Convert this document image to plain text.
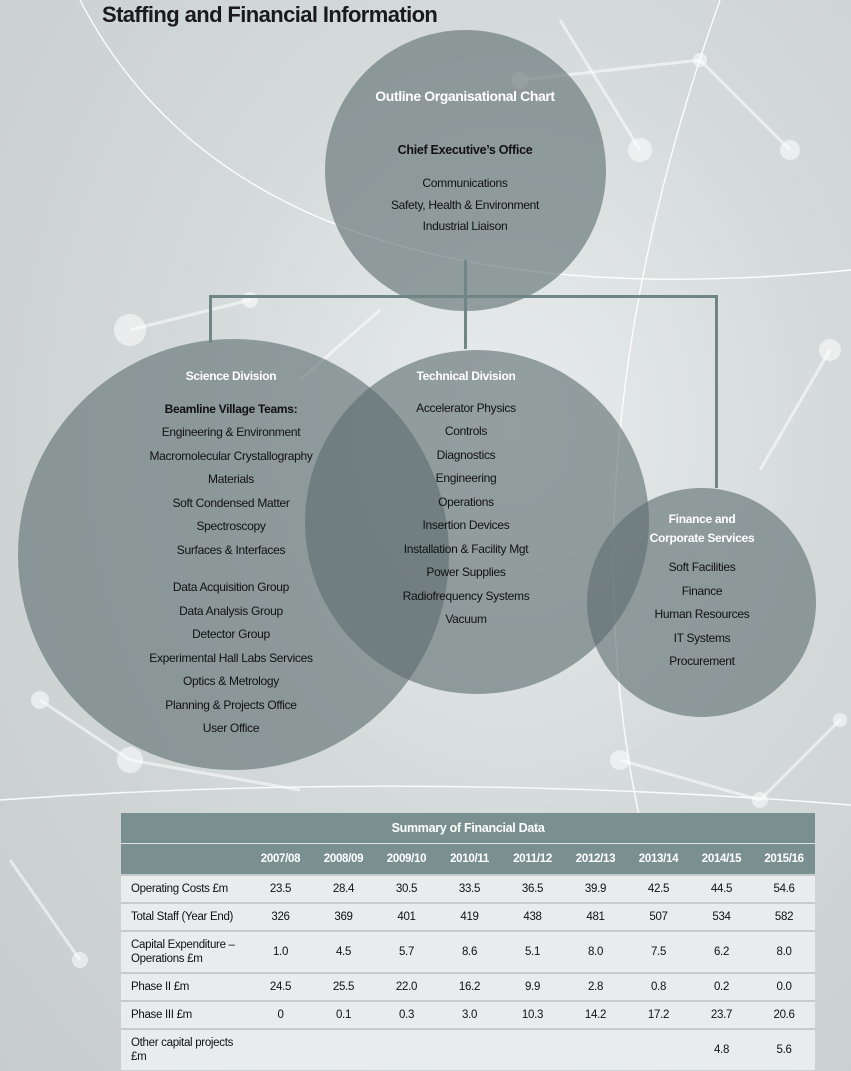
Staffing and Financial Information
Outline Organisational Chart
Chief Executive’s Office
Communications
Safety, Health & Environment
Industrial Liaison
Science Division
Beamline Village Teams:
Engineering & Environment
Macromolecular Crystallography
Materials
Soft Condensed Matter
Spectroscopy
Surfaces & Interfaces
Data Acquisition Group
Data Analysis Group
Detector Group
Experimental Hall Labs Services
Optics & Metrology
Planning & Projects Office
User Office
Technical Division
Accelerator Physics
Controls
Diagnostics
Engineering
Operations
Insertion Devices
Installation & Facility Mgt
Power Supplies
Radiofrequency Systems
Vacuum
Finance and
Corporate Services
Soft Facilities
Finance
Human Resources
IT Systems
Procurement
Summary of Financial Data									
	2007/08	2008/09	2009/10	2010/11	2011/12	2012/13	2013/14	2014/15	2015/16
Operating Costs £m	23.5	28.4	30.5	33.5	36.5	39.9	42.5	44.5	54.6
Total Staff (Year End)	326	369	401	419	438	481	507	534	582
Capital Expenditure –
Operations £m	1.0	4.5	5.7	8.6	5.1	8.0	7.5	6.2	8.0
Phase II £m	24.5	25.5	22.0	16.2	9.9	2.8	0.8	0.2	0.0
Phase III £m	0	0.1	0.3	3.0	10.3	14.2	17.2	23.7	20.6
Other capital projects
£m								4.8	5.6
